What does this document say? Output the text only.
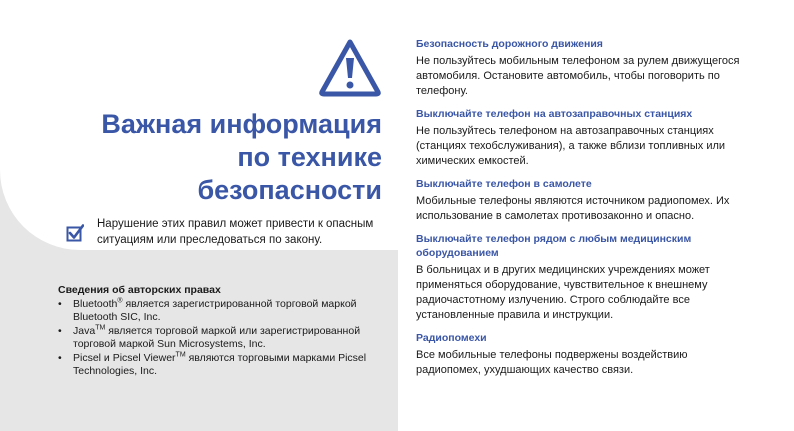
Важная информация
по технике
безопасности
Нарушение этих правил может привести к опасным ситуациям или преследоваться по закону.
Сведения об авторских правах
• Bluetooth® является зарегистрированной торговой маркой Bluetooth SIC, Inc.
• Java™ является торговой маркой или зарегистрированной торговой маркой Sun Microsystems, Inc.
• Picsel и Picsel Viewer™ являются торговыми марками Picsel Technologies, Inc.
Безопасность дорожного движения

Не пользуйтесь мобильным телефоном за рулем движущегося автомобиля. Остановите автомобиль, чтобы поговорить по телефону.

Выключайте телефон на автозаправочных станциях

Не пользуйтесь телефоном на автозаправочных станциях (станциях техобслуживания), а также вблизи топливных или химических емкостей.

Выключайте телефон в самолете

Мобильные телефоны являются источником радиопомех. Их использование в самолетах противозаконно и опасно.

Выключайте телефон рядом с любым медицинским оборудованием

В больницах и в других медицинских учреждениях может применяться оборудование, чувствительное к внешнему радиочастотному излучению. Строго соблюдайте все установленные правила и инструкции.

Радиопомехи

Все мобильные телефоны подвержены воздействию радиопомех, ухудшающих качество связи.
